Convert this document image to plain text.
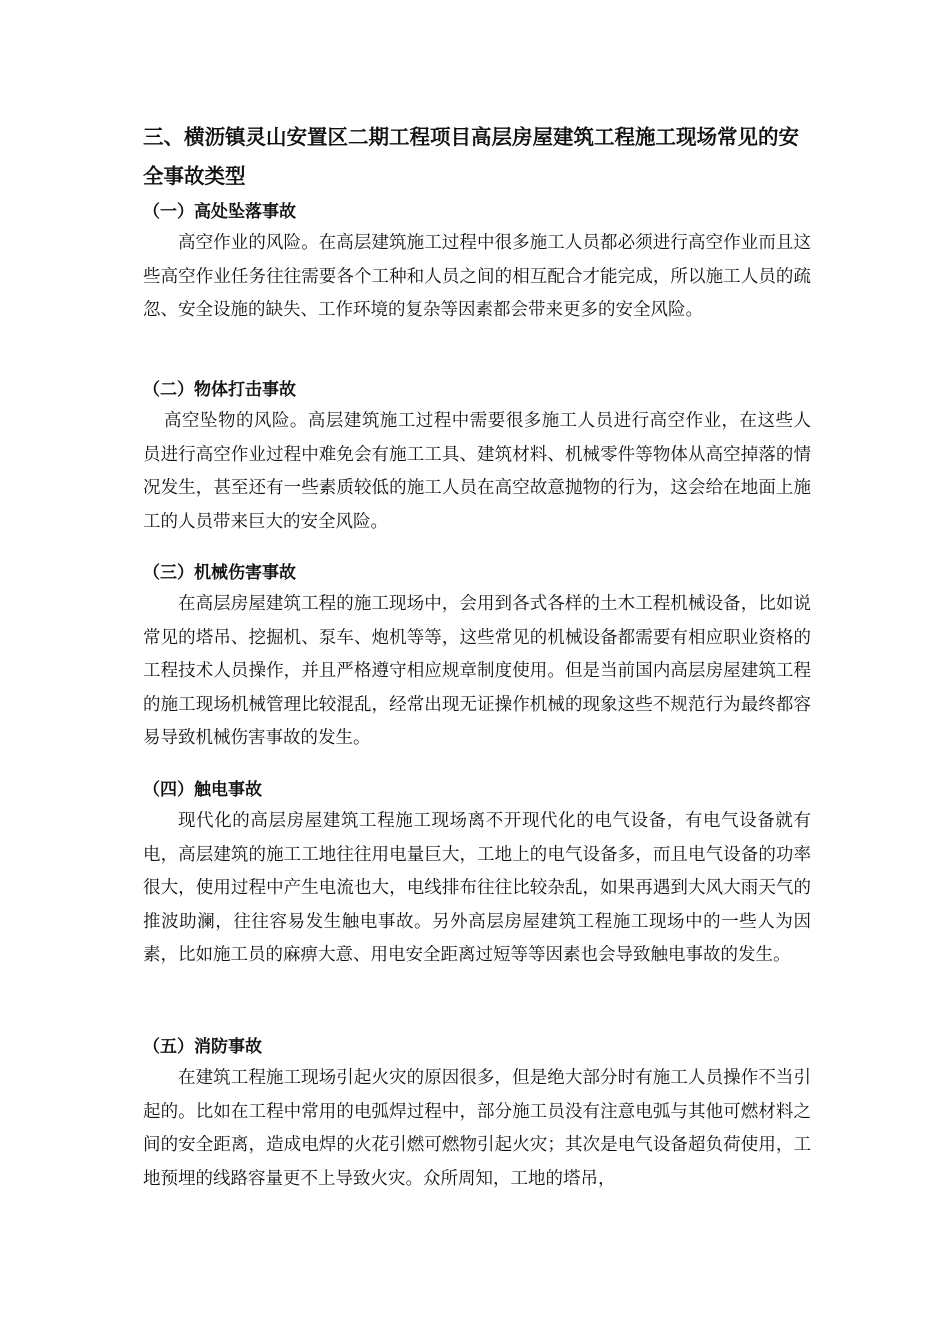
三、横沥镇灵山安置区二期工程项目高层房屋建筑工程施工现场常见的安全事故类型
（一）高处坠落事故

高空作业的风险。在高层建筑施工过程中很多施工人员都必须进行高空作业而且这些高空作业任务往往需要各个工种和人员之间的相互配合才能完成，所以施工人员的疏忽、安全设施的缺失、工作环境的复杂等因素都会带来更多的安全风险。

（二）物体打击事故

高空坠物的风险。高层建筑施工过程中需要很多施工人员进行高空作业，在这些人员进行高空作业过程中难免会有施工工具、建筑材料、机械零件等物体从高空掉落的情况发生，甚至还有一些素质较低的施工人员在高空故意抛物的行为，这会给在地面上施工的人员带来巨大的安全风险。

（三）机械伤害事故

在高层房屋建筑工程的施工现场中，会用到各式各样的土木工程机械设备，比如说常见的塔吊、挖掘机、泵车、炮机等等，这些常见的机械设备都需要有相应职业资格的工程技术人员操作，并且严格遵守相应规章制度使用。但是当前国内高层房屋建筑工程的施工现场机械管理比较混乱，经常出现无证操作机械的现象这些不规范行为最终都容易导致机械伤害事故的发生。

（四）触电事故

现代化的高层房屋建筑工程施工现场离不开现代化的电气设备，有电气设备就有电，高层建筑的施工工地往往用电量巨大，工地上的电气设备多，而且电气设备的功率很大，使用过程中产生电流也大，电线排布往往比较杂乱，如果再遇到大风大雨天气的推波助澜，往往容易发生触电事故。另外高层房屋建筑工程施工现场中的一些人为因素，比如施工员的麻痹大意、用电安全距离过短等等因素也会导致触电事故的发生。

（五）消防事故

在建筑工程施工现场引起火灾的原因很多，但是绝大部分时有施工人员操作不当引起的。比如在工程中常用的电弧焊过程中，部分施工员没有注意电弧与其他可燃材料之间的安全距离，造成电焊的火花引燃可燃物引起火灾；其次是电气设备超负荷使用，工地预埋的线路容量更不上导致火灾。众所周知，工地的塔吊，
